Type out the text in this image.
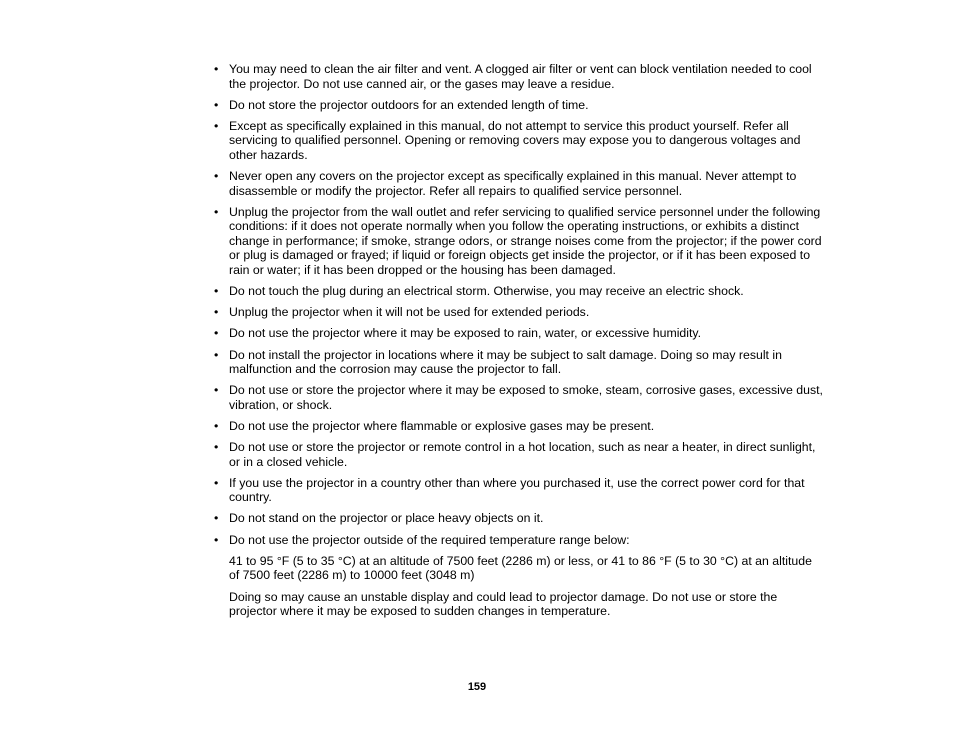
• You may need to clean the air filter and vent. A clogged air filter or vent can block ventilation needed to cool the projector. Do not use canned air, or the gases may leave a residue.
• Do not store the projector outdoors for an extended length of time.
• Except as specifically explained in this manual, do not attempt to service this product yourself. Refer all servicing to qualified personnel. Opening or removing covers may expose you to dangerous voltages and other hazards.
• Never open any covers on the projector except as specifically explained in this manual. Never attempt to disassemble or modify the projector. Refer all repairs to qualified service personnel.
• Unplug the projector from the wall outlet and refer servicing to qualified service personnel under the following conditions: if it does not operate normally when you follow the operating instructions, or exhibits a distinct change in performance; if smoke, strange odors, or strange noises come from the projector; if the power cord or plug is damaged or frayed; if liquid or foreign objects get inside the projector, or if it has been exposed to rain or water; if it has been dropped or the housing has been damaged.
• Do not touch the plug during an electrical storm. Otherwise, you may receive an electric shock.
• Unplug the projector when it will not be used for extended periods.
• Do not use the projector where it may be exposed to rain, water, or excessive humidity.
• Do not install the projector in locations where it may be subject to salt damage. Doing so may result in malfunction and the corrosion may cause the projector to fall.
• Do not use or store the projector where it may be exposed to smoke, steam, corrosive gases, excessive dust, vibration, or shock.
• Do not use the projector where flammable or explosive gases may be present.
• Do not use or store the projector or remote control in a hot location, such as near a heater, in direct sunlight, or in a closed vehicle.
• If you use the projector in a country other than where you purchased it, use the correct power cord for that country.
• Do not stand on the projector or place heavy objects on it.
• Do not use the projector outside of the required temperature range below:

41 to 95 °F (5 to 35 °C) at an altitude of 7500 feet (2286 m) or less, or 41 to 86 °F (5 to 30 °C) at an altitude of 7500 feet (2286 m) to 10000 feet (3048 m)

Doing so may cause an unstable display and could lead to projector damage. Do not use or store the projector where it may be exposed to sudden changes in temperature.

159
